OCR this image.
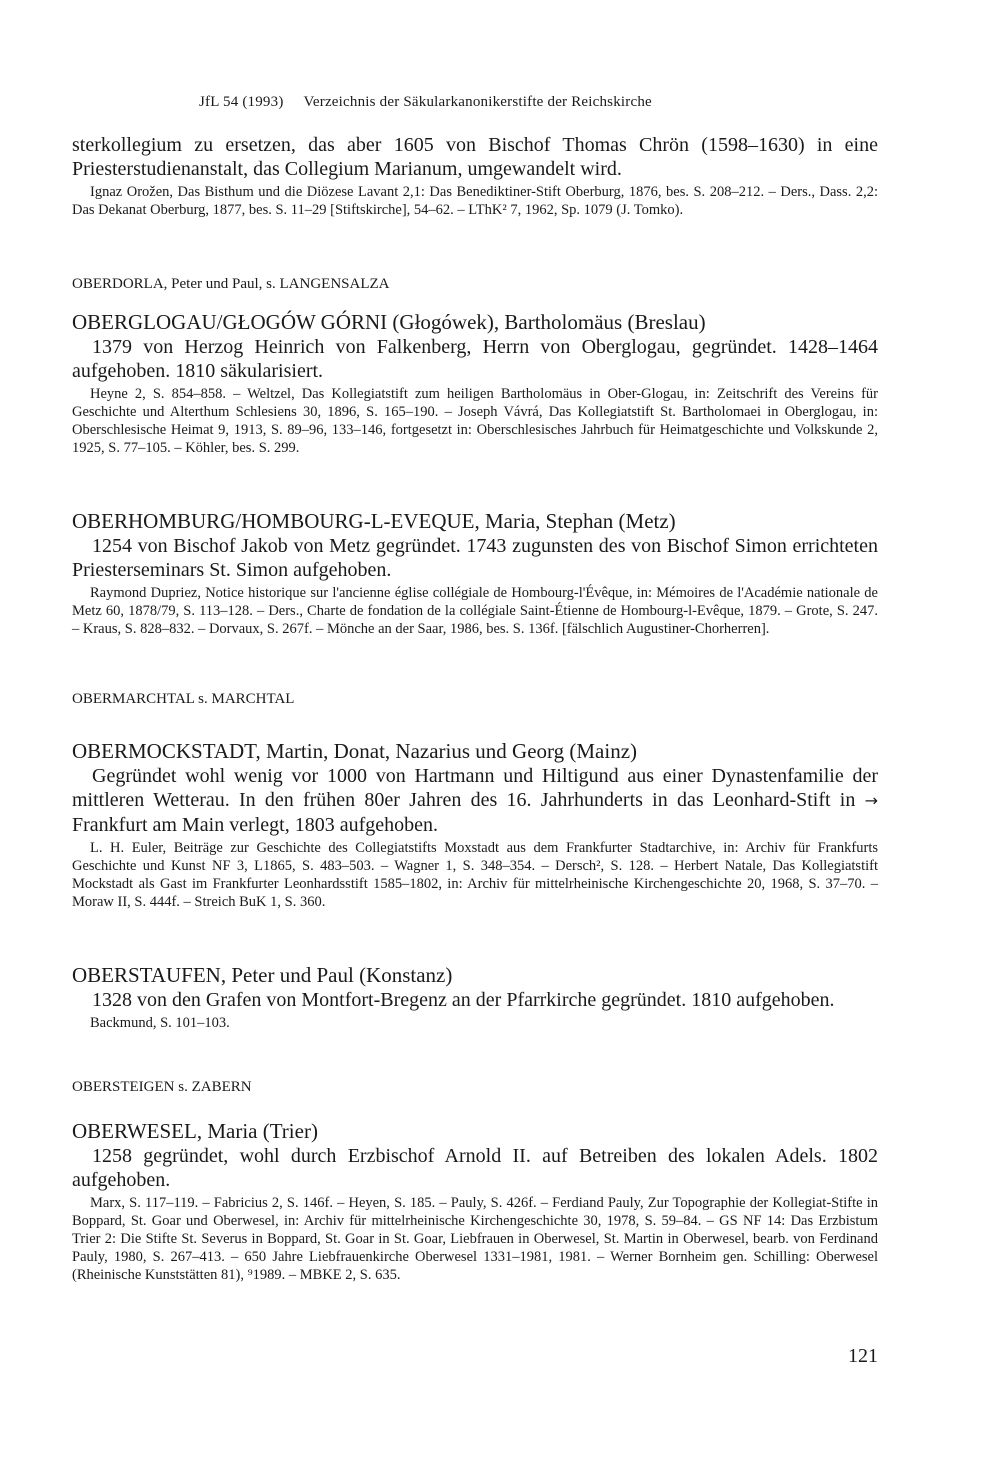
JfL 54 (1993) Verzeichnis der Säkularkanonikerstifte der Reichskirche
sterkollegium zu ersetzen, das aber 1605 von Bischof Thomas Chrön (1598–1630) in eine Priesterstudienanstalt, das Collegium Marianum, umgewandelt wird.
Ignaz Orožen, Das Bisthum und die Diözese Lavant 2,1: Das Benediktiner-Stift Oberburg, 1876, bes. S. 208–212. – Ders., Dass. 2,2: Das Dekanat Oberburg, 1877, bes. S. 11–29 [Stiftskirche], 54–62. – LThK² 7, 1962, Sp. 1079 (J. Tomko).
OBERDORLA, Peter und Paul, s. LANGENSALZA
OBERGLOGAU/GŁOGÓW GÓRNI (Głogówek), Bartholomäus (Breslau)
1379 von Herzog Heinrich von Falkenberg, Herrn von Oberglogau, gegründet. 1428–1464 aufgehoben. 1810 säkularisiert.
Heyne 2, S. 854–858. – Weltzel, Das Kollegiatstift zum heiligen Bartholomäus in Ober-Glogau, in: Zeitschrift des Vereins für Geschichte und Alterthum Schlesiens 30, 1896, S. 165–190. – Joseph Vávrá, Das Kollegiatstift St. Bartholomaei in Oberglogau, in: Oberschlesische Heimat 9, 1913, S. 89–96, 133–146, fortgesetzt in: Oberschlesisches Jahrbuch für Heimatgeschichte und Volkskunde 2, 1925, S. 77–105. – Köhler, bes. S. 299.
OBERHOMBURG/HOMBOURG-L-EVEQUE, Maria, Stephan (Metz)
1254 von Bischof Jakob von Metz gegründet. 1743 zugunsten des von Bischof Simon errichteten Priesterseminars St. Simon aufgehoben.
Raymond Dupriez, Notice historique sur l'ancienne église collégiale de Hombourg-l'Évêque, in: Mémoires de l'Académie nationale de Metz 60, 1878/79, S. 113–128. – Ders., Charte de fondation de la collégiale Saint-Étienne de Hombourg-l-Evêque, 1879. – Grote, S. 247. – Kraus, S. 828–832. – Dorvaux, S. 267f. – Mönche an der Saar, 1986, bes. S. 136f. [fälschlich Augustiner-Chorherren].
OBERMARCHTAL s. MARCHTAL
OBERMOCKSTADT, Martin, Donat, Nazarius und Georg (Mainz)
Gegründet wohl wenig vor 1000 von Hartmann und Hiltigund aus einer Dynastenfamilie der mittleren Wetterau. In den frühen 80er Jahren des 16. Jahrhunderts in das Leonhard-Stift in → Frankfurt am Main verlegt, 1803 aufgehoben.
L. H. Euler, Beiträge zur Geschichte des Collegiatstifts Moxstadt aus dem Frankfurter Stadtarchive, in: Archiv für Frankfurts Geschichte und Kunst NF 3, L1865, S. 483–503. – Wagner 1, S. 348–354. – Dersch², S. 128. – Herbert Natale, Das Kollegiatstift Mockstadt als Gast im Frankfurter Leonhardsstift 1585–1802, in: Archiv für mittelrheinische Kirchengeschichte 20, 1968, S. 37–70. – Moraw II, S. 444f. – Streich BuK 1, S. 360.
OBERSTAUFEN, Peter und Paul (Konstanz)
1328 von den Grafen von Montfort-Bregenz an der Pfarrkirche gegründet. 1810 aufgehoben.
Backmund, S. 101–103.
OBERSTEIGEN s. ZABERN
OBERWESEL, Maria (Trier)
1258 gegründet, wohl durch Erzbischof Arnold II. auf Betreiben des lokalen Adels. 1802 aufgehoben.
Marx, S. 117–119. – Fabricius 2, S. 146f. – Heyen, S. 185. – Pauly, S. 426f. – Ferdiand Pauly, Zur Topographie der Kollegiat-Stifte in Boppard, St. Goar und Oberwesel, in: Archiv für mittelrheinische Kirchengeschichte 30, 1978, S. 59–84. – GS NF 14: Das Erzbistum Trier 2: Die Stifte St. Severus in Boppard, St. Goar in St. Goar, Liebfrauen in Oberwesel, St. Martin in Oberwesel, bearb. von Ferdinand Pauly, 1980, S. 267–413. – 650 Jahre Liebfrauenkirche Oberwesel 1331–1981, 1981. – Werner Bornheim gen. Schilling: Oberwesel (Rheinische Kunststätten 81), ⁹1989. – MBKE 2, S. 635.
121
